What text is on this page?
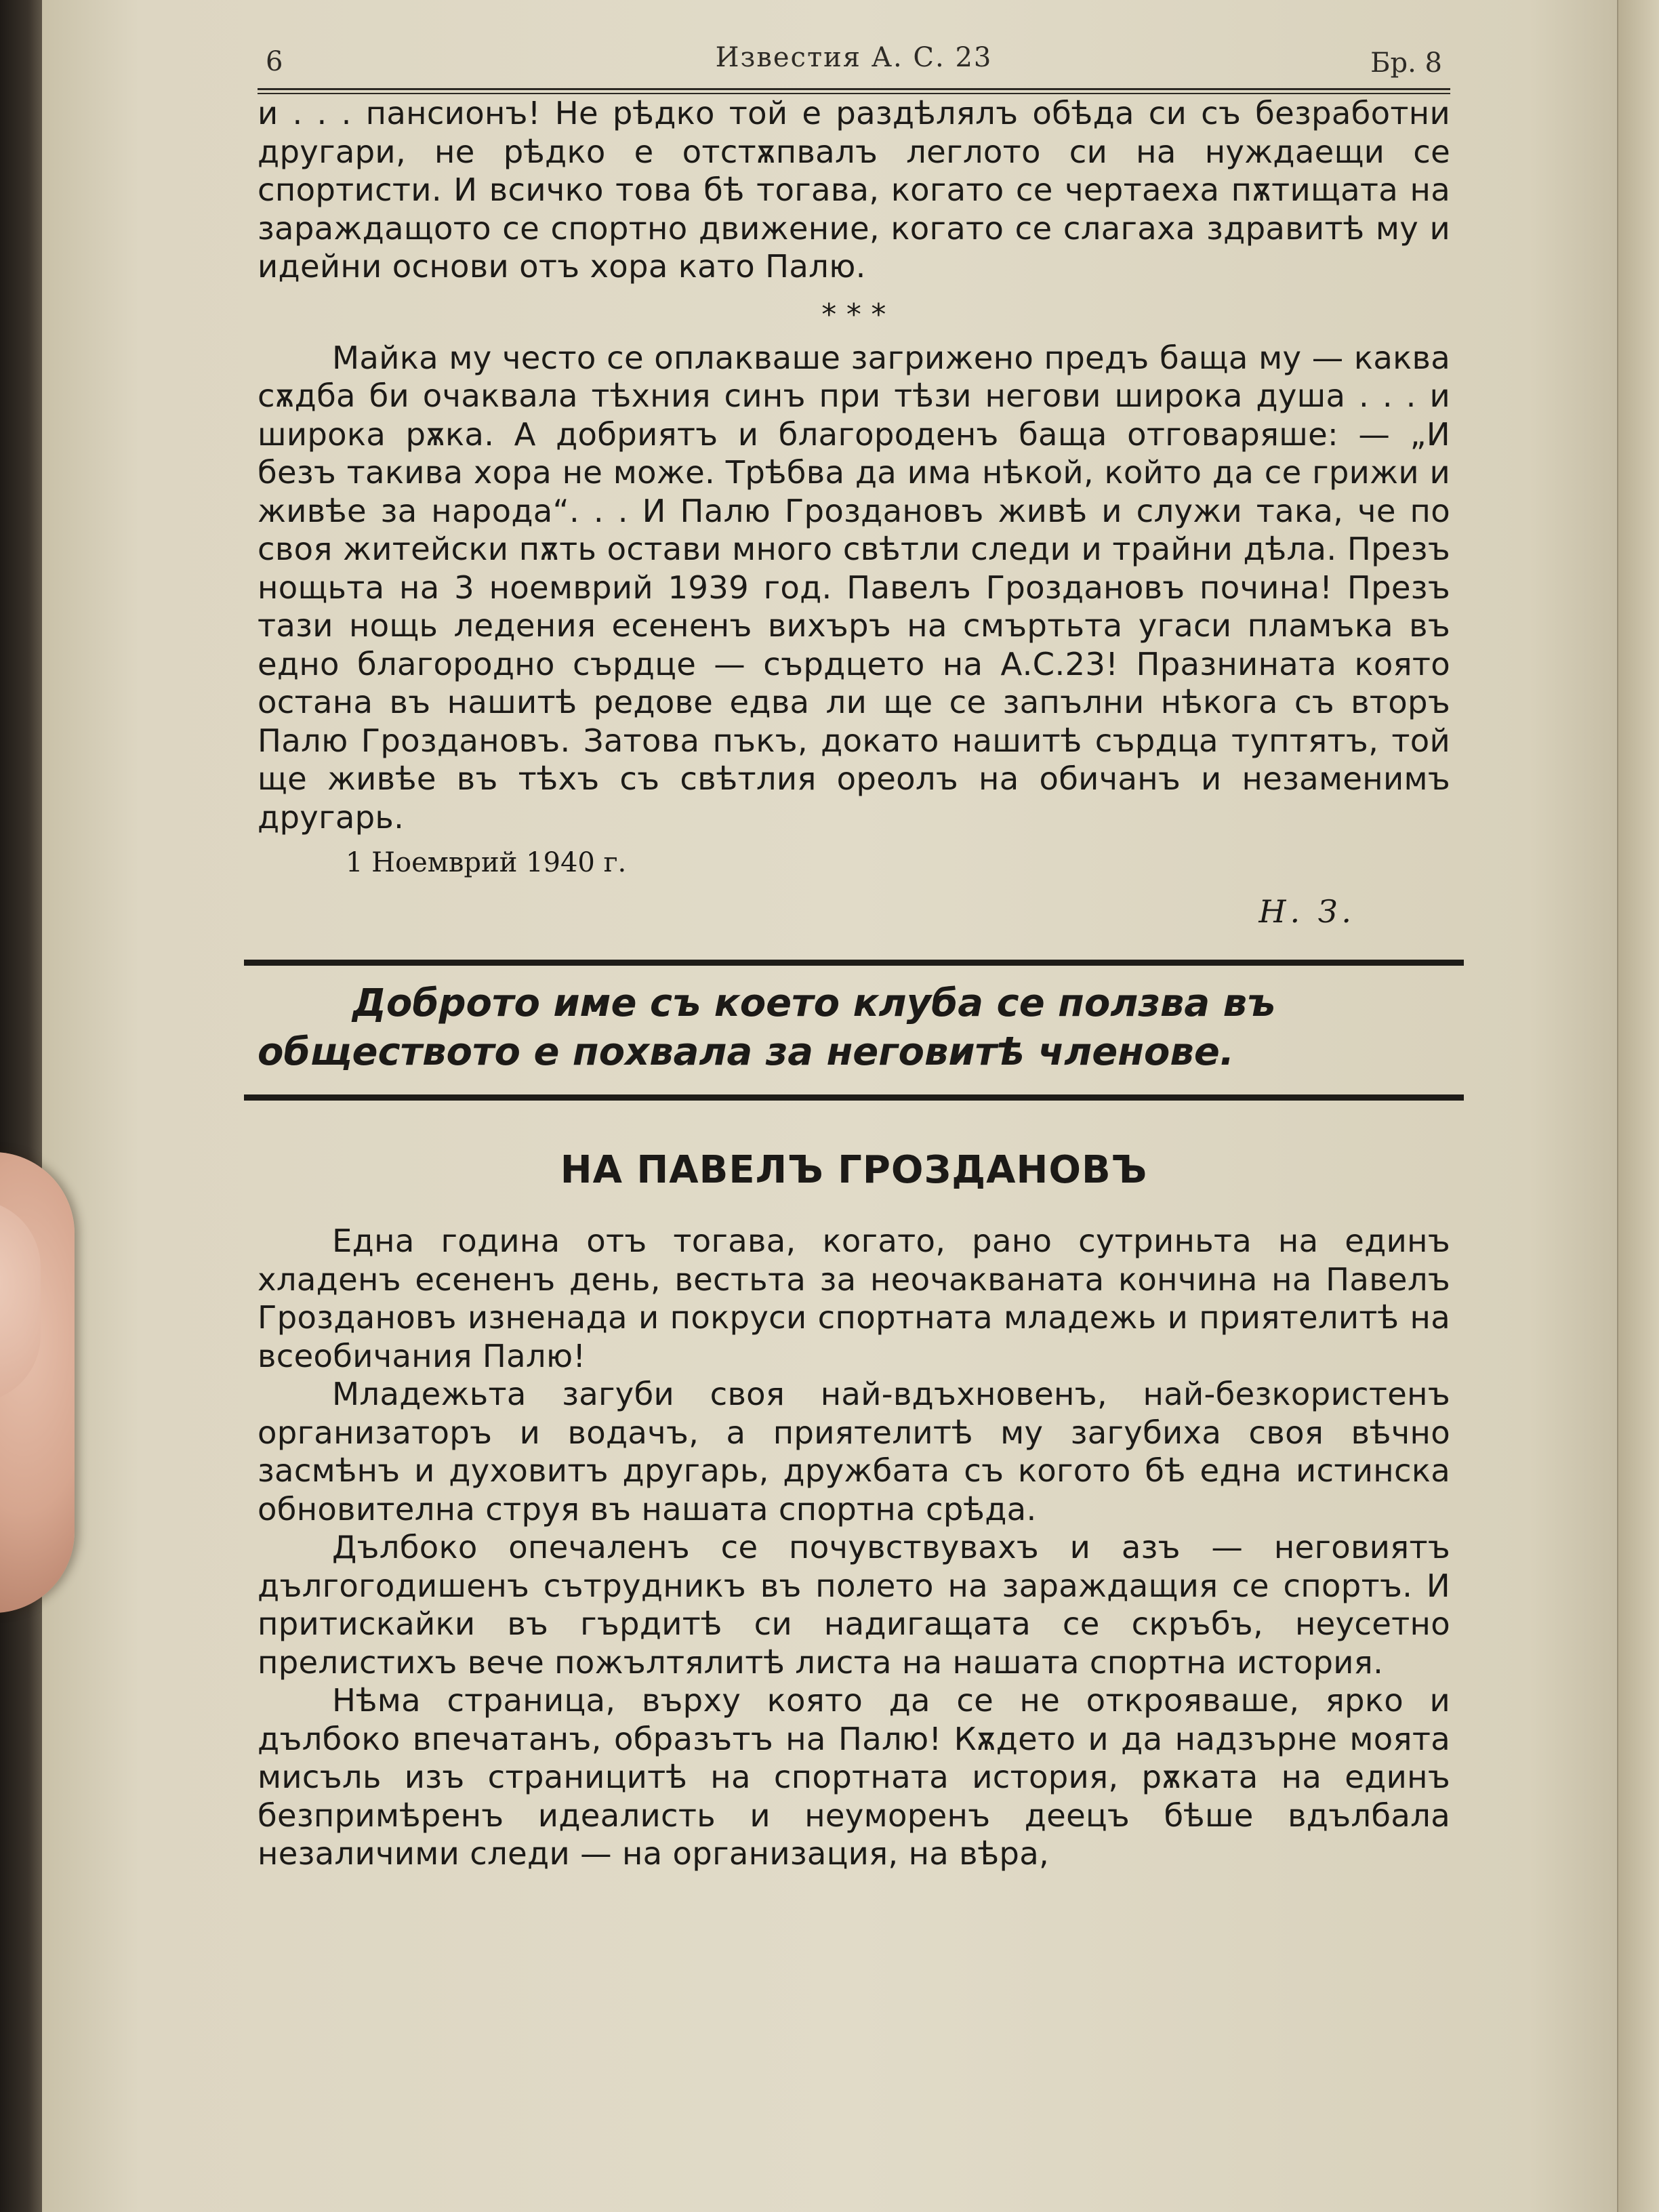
6	Известия А. С. 23	Бр. 8

и . . . пансионъ! Не рѣдко той е раздѣлялъ обѣда си съ безработни другари, не рѣдко е отстѫпвалъ леглото си на нуждаещи се спортисти. И всичко това бѣ тогава, когато се чертаеха пѫтищата на зараждащото се спортно движение, когато се слагаха здравитѣ му и идейни основи отъ хора като Палю.

* * *

Майка му често се оплакваше загрижено предъ баща му — каква сѫдба би очаквала тѣхния синъ при тѣзи негови широка душа . . . и широка рѫка. А добриятъ и благороденъ баща отговаряше: — „И безъ такива хора не може. Трѣбва да има нѣкой, който да се грижи и живѣе за народа“. . . И Палю Гроздановъ живѣ и служи така, че по своя житейски пѫть остави много свѣтли следи и трайни дѣла. Презъ нощьта на 3 ноемврий 1939 год. Павелъ Гроздановъ почина! Презъ тази нощь ледения есененъ вихъръ на смъртьта угаси пламъка въ едно благородно сърдце — сърдцето на А.С.23! Празнината която остана въ нашитѣ редове едва ли ще се запълни нѣкога съ вторъ Палю Гроздановъ. Затова пъкъ, докато нашитѣ сърдца туптятъ, той ще живѣе въ тѣхъ съ свѣтлия ореолъ на обичанъ и незаменимъ другарь.

1 Ноемврий 1940 г.
Н. З.
Доброто име съ което клуба се ползва въ
обществото е похвала за неговитѣ членове.
НА ПАВЕЛЪ ГРОЗДАНОВЪ

Една година отъ тогава, когато, рано сутриньта на единъ хладенъ есененъ день, вестьта за неочакваната кончина на Павелъ Гроздановъ изненада и покруси спортната младежь и приятелитѣ на всеобичания Палю!

Младежьта загуби своя най-вдъхновенъ, най-безкористенъ организаторъ и водачъ, а приятелитѣ му загубиха своя вѣчно засмѣнъ и духовитъ другарь, дружбата съ когото бѣ една истинска обновителна струя въ нашата спортна срѣда.

Дълбоко опечаленъ се почувствувахъ и азъ — неговиятъ дългогодишенъ сътрудникъ въ полето на зараждащия се спортъ. И притискайки въ гърдитѣ си надигащата се скръбъ, неусетно прелистихъ вече пожълтялитѣ листа на нашата спортна история.

Нѣма страница, върху която да се не открояваше, ярко и дълбоко впечатанъ, образътъ на Палю! Кѫдето и да надзърне моята мисъль изъ страницитѣ на спортната история, рѫката на единъ безпримѣренъ идеалисть и неуморенъ деецъ бѣше вдълбала незаличими следи — на организация, на вѣра,
